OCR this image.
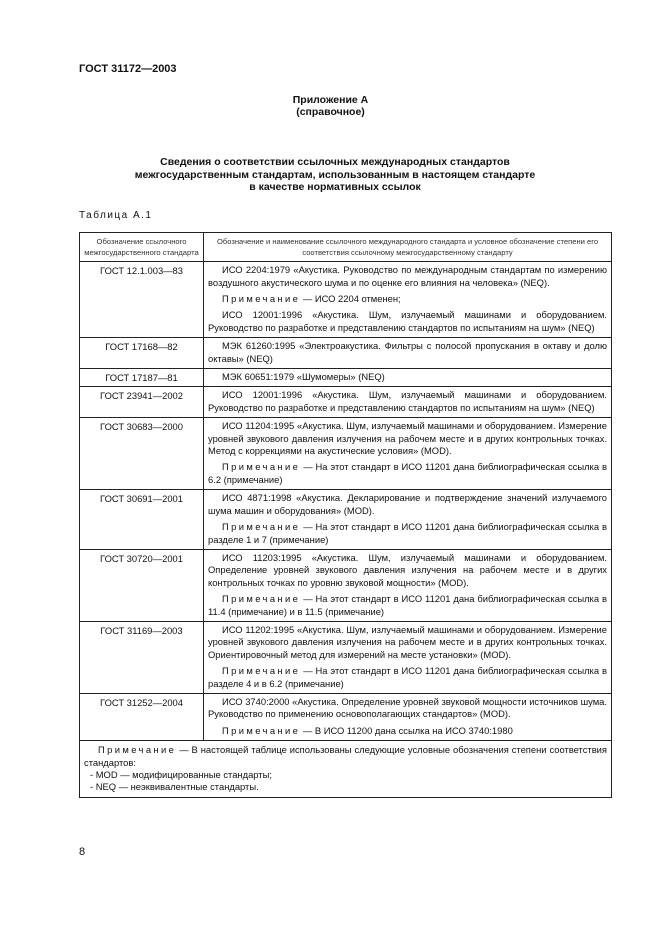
ГОСТ 31172—2003
Приложение А
(справочное)
Сведения о соответствии ссылочных международных стандартов
межгосударственным стандартам, использованным в настоящем стандарте
в качестве нормативных ссылок
Таблица А.1
Обозначение ссылочного межгосударственного стандарта	Обозначение и наименование ссылочного международного стандарта и условное обозначение степени его соответствия ссылочному межгосударственному стандарту
ГОСТ 12.1.003—83	ИСО 2204:1979 «Акустика. Руководство по международным стандартам по измерению воздушного акустического шума и по оценке его влияния на человека» (NEQ).

Примечание — ИСО 2204 отменен;

ИСО 12001:1996 «Акустика. Шум, излучаемый машинами и оборудованием. Руководство по разработке и представлению стандартов по испытаниям на шум» (NEQ)

ГОСТ 17168—82	МЭК 61260:1995 «Электроакустика. Фильтры с полосой пропускания в октаву и долю октавы» (NEQ)

ГОСТ 17187—81	МЭК 60651:1979 «Шумомеры» (NEQ)

ГОСТ 23941—2002	ИСО 12001:1996 «Акустика. Шум, излучаемый машинами и оборудованием. Руководство по разработке и представлению стандартов по испытаниям на шум» (NEQ)

ГОСТ 30683—2000	ИСО 11204:1995 «Акустика. Шум, излучаемый машинами и оборудованием. Измерение уровней звукового давления излучения на рабочем месте и в других контрольных точках. Метод с коррекциями на акустические условия» (MOD).

Примечание — На этот стандарт в ИСО 11201 дана библиографическая ссылка в 6.2 (примечание)

ГОСТ 30691—2001	ИСО 4871:1998 «Акустика. Декларирование и подтверждение значений излучаемого шума машин и оборудования» (MOD).

Примечание — На этот стандарт в ИСО 11201 дана библиографическая ссылка в разделе 1 и 7 (примечание)

ГОСТ 30720—2001	ИСО 11203:1995 «Акустика. Шум, излучаемый машинами и оборудованием. Определение уровней звукового давления излучения на рабочем месте и в других контрольных точках по уровню звуковой мощности» (MOD).

Примечание — На этот стандарт в ИСО 11201 дана библиографическая ссылка в 11.4 (примечание) и в 11.5 (примечание)

ГОСТ 31169—2003	ИСО 11202:1995 «Акустика. Шум, излучаемый машинами и оборудованием. Измерение уровней звукового давления излучения на рабочем месте и в других контрольных точках. Ориентировочный метод для измерений на месте установки» (MOD).

Примечание — На этот стандарт в ИСО 11201 дана библиографическая ссылка в разделе 4 и в 6.2 (примечание)

ГОСТ 31252—2004	ИСО 3740:2000 «Акустика. Определение уровней звуковой мощности источников шума. Руководство по применению основополагающих стандартов» (MOD).

Примечание — В ИСО 11200 дана ссылка на ИСО 3740:1980

Примечание — В настоящей таблице использованы следующие условные обозначения степени соответствия стандартов:

- MOD — модифицированные стандарты;
- NEQ — неэквивалентные стандарты.	
8
